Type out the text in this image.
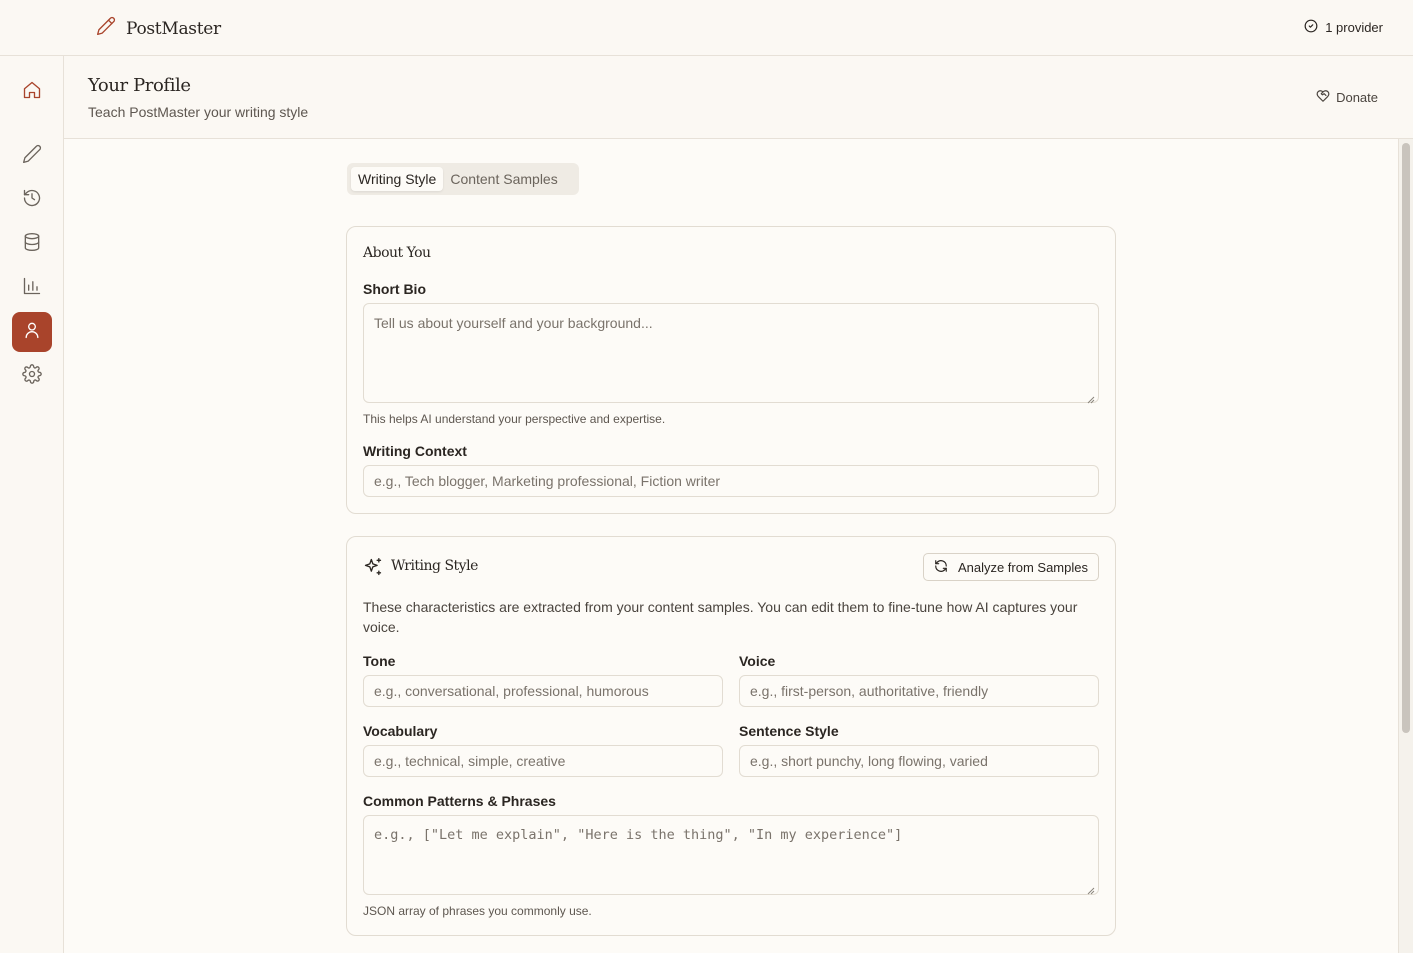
PostMaster	1 provider
Your Profile
Teach PostMaster your writing style
Donate
Writing Style	Content Samples
About You
Short Bio
Tell us about yourself and your background...
This helps AI understand your perspective and expertise.
Writing Context
e.g., Tech blogger, Marketing professional, Fiction writer
Writing Style	Analyze from Samples
These characteristics are extracted from your content samples. You can edit them to fine-tune how AI captures your voice.
Tone
e.g., conversational, professional, humorous
Voice
e.g., first-person, authoritative, friendly
Vocabulary
e.g., technical, simple, creative
Sentence Style
e.g., short punchy, long flowing, varied
Common Patterns & Phrases
e.g., ["Let me explain", "Here is the thing", "In my experience"]
JSON array of phrases you commonly use.
